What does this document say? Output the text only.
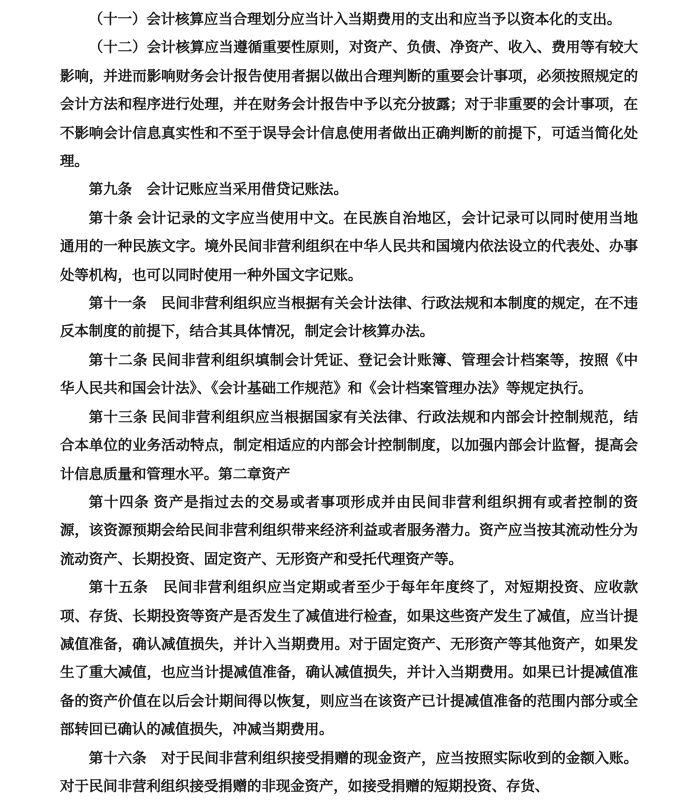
（十一）会计核算应当合理划分应当计入当期费用的支出和应当予以资本化的支出。

（十二）会计核算应当遵循重要性原则，对资产、负债、净资产、收入、费用等有较大影响，并进而影响财务会计报告使用者据以做出合理判断的重要会计事项，必须按照规定的会计方法和程序进行处理，并在财务会计报告中予以充分披露；对于非重要的会计事项，在不影响会计信息真实性和不至于误导会计信息使用者做出正确判断的前提下，可适当简化处理。

第九条　会计记账应当采用借贷记账法。

第十条 会计记录的文字应当使用中文。在民族自治地区，会计记录可以同时使用当地通用的一种民族文字。境外民间非营利组织在中华人民共和国境内依法设立的代表处、办事处等机构，也可以同时使用一种外国文字记账。

第十一条　民间非营利组织应当根据有关会计法律、行政法规和本制度的规定，在不违反本制度的前提下，结合其具体情况，制定会计核算办法。

第十二条 民间非营利组织填制会计凭证、登记会计账簿、管理会计档案等，按照《中华人民共和国会计法》、《会计基础工作规范》和《会计档案管理办法》等规定执行。

第十三条 民间非营利组织应当根据国家有关法律、行政法规和内部会计控制规范，结合本单位的业务活动特点，制定相适应的内部会计控制制度，以加强内部会计监督，提高会计信息质量和管理水平。第二章资产

第十四条 资产是指过去的交易或者事项形成并由民间非营利组织拥有或者控制的资源，该资源预期会给民间非营利组织带来经济利益或者服务潜力。资产应当按其流动性分为流动资产、长期投资、固定资产、无形资产和受托代理资产等。

第十五条　民间非营利组织应当定期或者至少于每年年度终了，对短期投资、应收款项、存货、长期投资等资产是否发生了减值进行检查，如果这些资产发生了减值，应当计提减值准备，确认减值损失，并计入当期费用。对于固定资产、无形资产等其他资产，如果发生了重大减值，也应当计提减值准备，确认减值损失，并计入当期费用。如果已计提减值准备的资产价值在以后会计期间得以恢复，则应当在该资产已计提减值准备的范围内部分或全部转回已确认的减值损失，冲减当期费用。

第十六条　对于民间非营利组织接受捐赠的现金资产，应当按照实际收到的金额入账。对于民间非营利组织接受捐赠的非现金资产，如接受捐赠的短期投资、存货、
